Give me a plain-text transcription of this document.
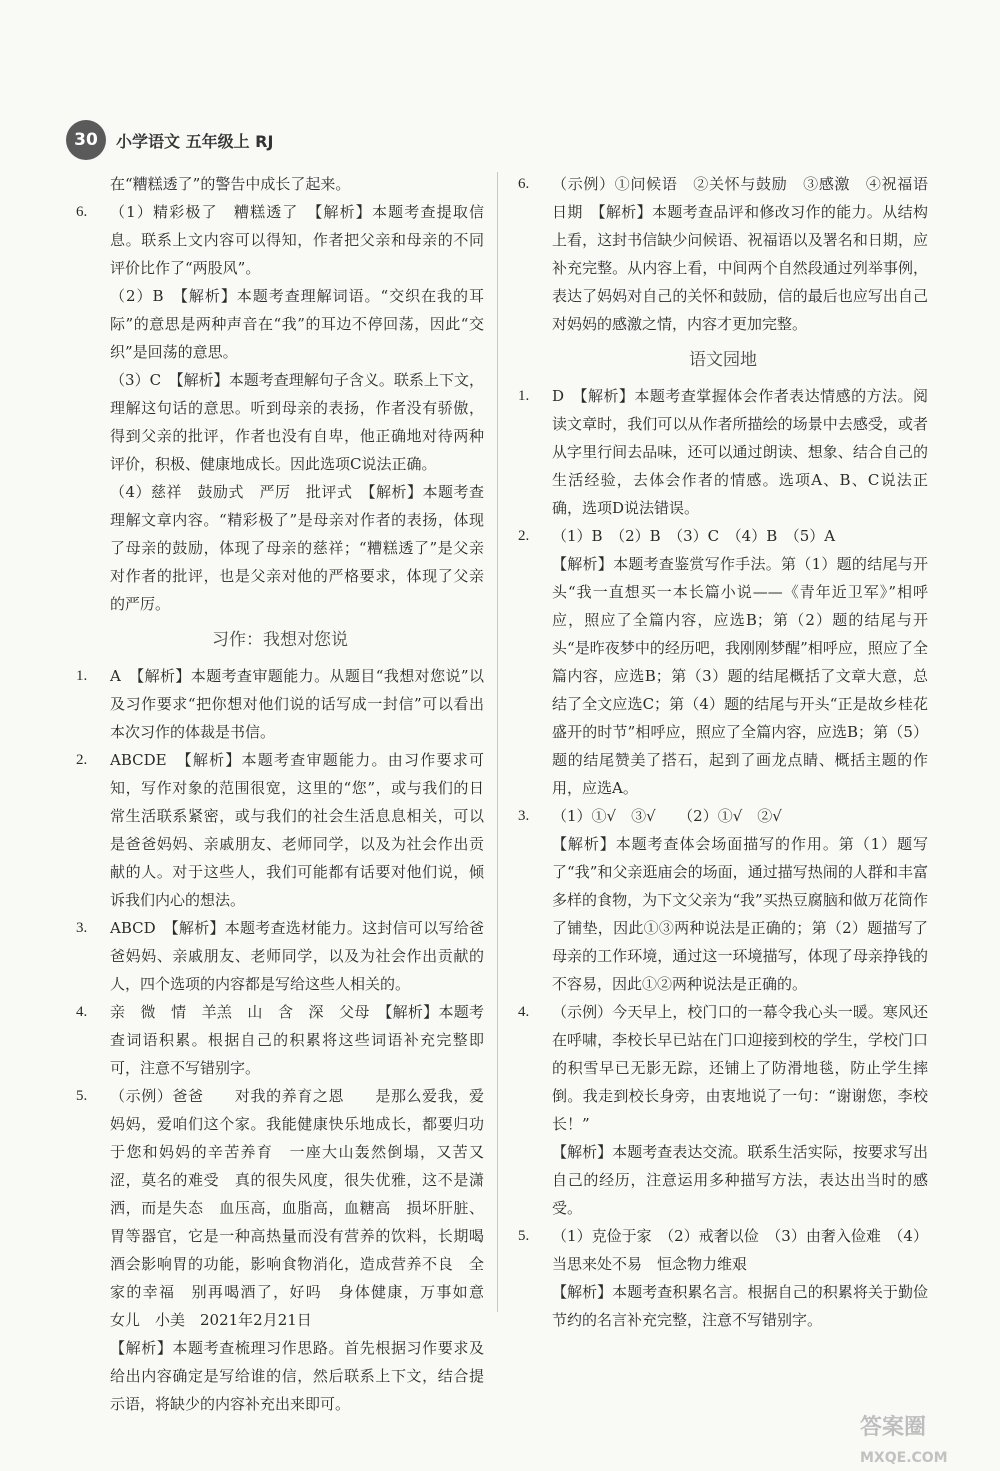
30	小学语文 五年级上 RJ
在“糟糕透了”的警告中成长了起来。
6.	（1）精彩极了　糟糕透了　【解析】本题考查提取信息。联系上文内容可以得知，作者把父亲和母亲的不同评价比作了“两股风”。
（2）B　【解析】本题考查理解词语。“交织在我的耳际”的意思是两种声音在“我”的耳边不停回荡，因此“交织”是回荡的意思。
（3）C　【解析】本题考查理解句子含义。联系上下文，理解这句话的意思。听到母亲的表扬，作者没有骄傲，得到父亲的批评，作者也没有自卑，他正确地对待两种评价，积极、健康地成长。因此选项C说法正确。
（4）慈祥　鼓励式　严厉　批评式　【解析】本题考查理解文章内容。“精彩极了”是母亲对作者的表扬，体现了母亲的鼓励，体现了母亲的慈祥；“糟糕透了”是父亲对作者的批评，也是父亲对他的严格要求，体现了父亲的严厉。
习作：我想对您说
1.	A　【解析】本题考查审题能力。从题目“我想对您说”以及习作要求“把你想对他们说的话写成一封信”可以看出本次习作的体裁是书信。
2.	ABCDE　【解析】本题考查审题能力。由习作要求可知，写作对象的范围很宽，这里的“您”，或与我们的日常生活联系紧密，或与我们的社会生活息息相关，可以是爸爸妈妈、亲戚朋友、老师同学，以及为社会作出贡献的人。对于这些人，我们可能都有话要对他们说，倾诉我们内心的想法。
3.	ABCD　【解析】本题考查选材能力。这封信可以写给爸爸妈妈、亲戚朋友、老师同学，以及为社会作出贡献的人，四个选项的内容都是写给这些人相关的。
4.	亲　微　情　羊羔　山　含　深　父母　【解析】本题考查词语积累。根据自己的积累将这些词语补充完整即可，注意不写错别字。
5.	（示例）爸爸　　对我的养育之恩　　是那么爱我，爱妈妈，爱咱们这个家。我能健康快乐地成长，都要归功于您和妈妈的辛苦养育　一座大山轰然倒塌，又苦又涩，莫名的难受　真的很失风度，很失优雅，这不是潇洒，而是失态　血压高，血脂高，血糖高　损坏肝脏、胃等器官，它是一种高热量而没有营养的饮料，长期喝酒会影响胃的功能，影响食物消化，造成营养不良　全家的幸福　别再喝酒了，好吗　身体健康，万事如意　女儿　小美　2021年2月21日
【解析】本题考查梳理习作思路。首先根据习作要求及给出内容确定是写给谁的信，然后联系上下文，结合提示语，将缺少的内容补充出来即可。
6.	（示例）①问候语　②关怀与鼓励　③感激　④祝福语　日期　【解析】本题考查品评和修改习作的能力。从结构上看，这封书信缺少问候语、祝福语以及署名和日期，应补充完整。从内容上看，中间两个自然段通过列举事例，表达了妈妈对自己的关怀和鼓励，信的最后也应写出自己对妈妈的感激之情，内容才更加完整。
语文园地
1.	D　【解析】本题考查掌握体会作者表达情感的方法。阅读文章时，我们可以从作者所描绘的场景中去感受，或者从字里行间去品味，还可以通过朗读、想象、结合自己的生活经验，去体会作者的情感。选项A、B、C说法正确，选项D说法错误。
2.	（1）B　（2）B　（3）C　（4）B　（5）A
【解析】本题考查鉴赏写作手法。第（1）题的结尾与开头“我一直想买一本长篇小说——《青年近卫军》”相呼应，照应了全篇内容，应选B；第（2）题的结尾与开头“是昨夜梦中的经历吧，我刚刚梦醒”相呼应，照应了全篇内容，应选B；第（3）题的结尾概括了文章大意，总结了全文应选C；第（4）题的结尾与开头“正是故乡桂花盛开的时节”相呼应，照应了全篇内容，应选B；第（5）题的结尾赞美了搭石，起到了画龙点睛、概括主题的作用，应选A。
3.	（1）①√　③√　　（2）①√　②√
【解析】本题考查体会场面描写的作用。第（1）题写了“我”和父亲逛庙会的场面，通过描写热闹的人群和丰富多样的食物，为下文父亲为“我”买热豆腐脑和做万花筒作了铺垫，因此①③两种说法是正确的；第（2）题描写了母亲的工作环境，通过这一环境描写，体现了母亲挣钱的不容易，因此①②两种说法是正确的。
4.	（示例）今天早上，校门口的一幕令我心头一暖。寒风还在呼啸，李校长早已站在门口迎接到校的学生，学校门口的积雪早已无影无踪，还铺上了防滑地毯，防止学生摔倒。我走到校长身旁，由衷地说了一句：“谢谢您，李校长！”
【解析】本题考查表达交流。联系生活实际，按要求写出自己的经历，注意运用多种描写方法，表达出当时的感受。
5.	（1）克俭于家　（2）戒奢以俭　（3）由奢入俭难　（4）当思来处不易　恒念物力维艰
【解析】本题考查积累名言。根据自己的积累将关于勤俭节约的名言补充完整，注意不写错别字。
答案圈
MXQE.COM
